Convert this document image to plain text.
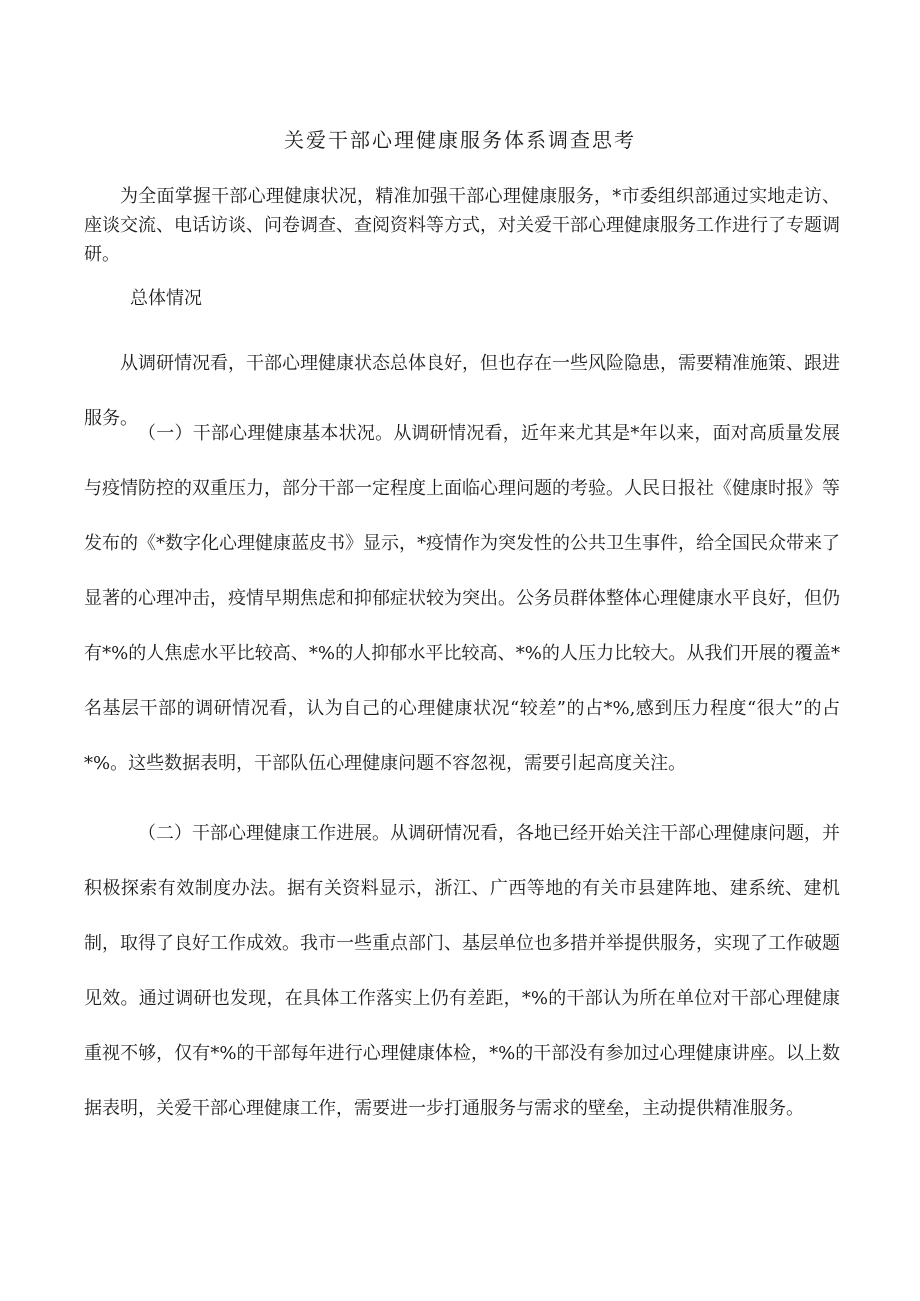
关爱干部心理健康服务体系调查思考

为全面掌握干部心理健康状况，精准加强干部心理健康服务，*市委组织部通过实地走访、座谈交流、电话访谈、问卷调查、查阅资料等方式，对关爱干部心理健康服务工作进行了专题调研。

总体情况

从调研情况看，干部心理健康状态总体良好，但也存在一些风险隐患，需要精准施策、跟进服务。

（一）干部心理健康基本状况。从调研情况看，近年来尤其是*年以来，面对高质量发展与疫情防控的双重压力，部分干部一定程度上面临心理问题的考验。人民日报社《健康时报》等发布的《*数字化心理健康蓝皮书》显示，*疫情作为突发性的公共卫生事件，给全国民众带来了显著的心理冲击，疫情早期焦虑和抑郁症状较为突出。公务员群体整体心理健康水平良好，但仍有*%的人焦虑水平比较高、*%的人抑郁水平比较高、*%的人压力比较大。从我们开展的覆盖*名基层干部的调研情况看，认为自己的心理健康状况“较差”的占*%,感到压力程度“很大”的占*%。这些数据表明，干部队伍心理健康问题不容忽视，需要引起高度关注。

（二）干部心理健康工作进展。从调研情况看，各地已经开始关注干部心理健康问题，并积极探索有效制度办法。据有关资料显示，浙江、广西等地的有关市县建阵地、建系统、建机制，取得了良好工作成效。我市一些重点部门、基层单位也多措并举提供服务，实现了工作破题见效。通过调研也发现，在具体工作落实上仍有差距，*%的干部认为所在单位对干部心理健康重视不够，仅有*%的干部每年进行心理健康体检，*%的干部没有参加过心理健康讲座。以上数据表明，关爱干部心理健康工作，需要进一步打通服务与需求的壁垒，主动提供精准服务。
